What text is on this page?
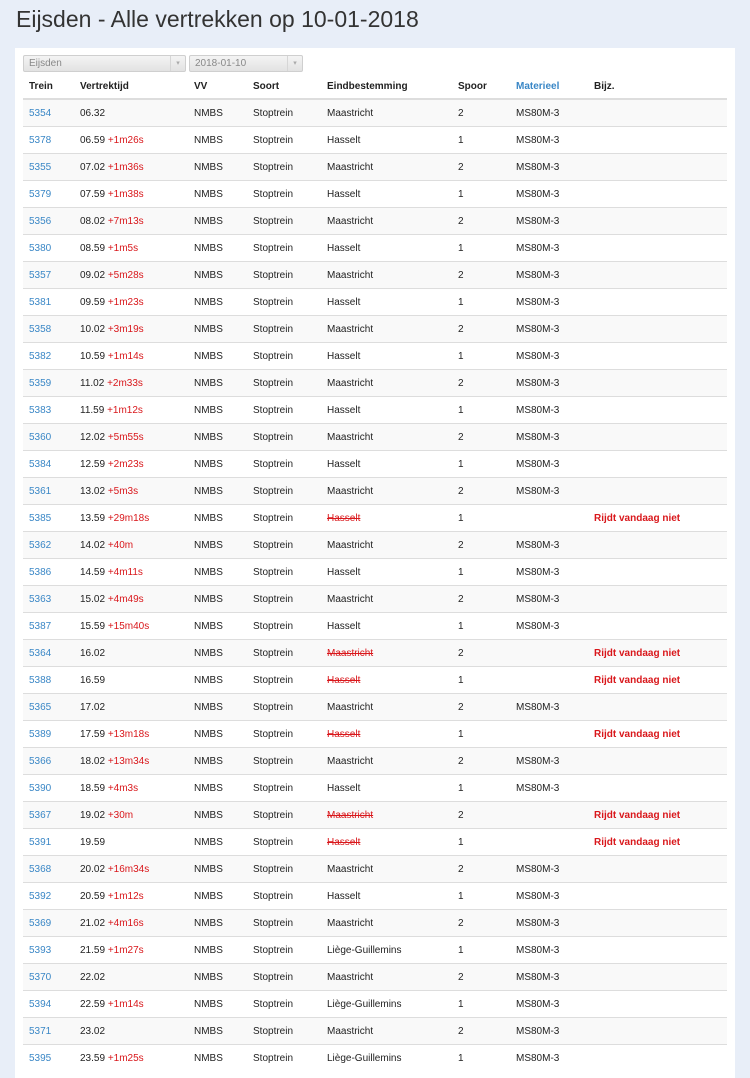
Eijsden - Alle vertrekken op 10-01-2018
Eijsden	▾	2018-01-10	▾
Trein	Vertrektijd	VV	Soort	Eindbestemming	Spoor	Materieel	Bijz.
5354	06.32	NMBS	Stoptrein	Maastricht	2	MS80M-3	
5378	06.59 +1m26s	NMBS	Stoptrein	Hasselt	1	MS80M-3	
5355	07.02 +1m36s	NMBS	Stoptrein	Maastricht	2	MS80M-3	
5379	07.59 +1m38s	NMBS	Stoptrein	Hasselt	1	MS80M-3	
5356	08.02 +7m13s	NMBS	Stoptrein	Maastricht	2	MS80M-3	
5380	08.59 +1m5s	NMBS	Stoptrein	Hasselt	1	MS80M-3	
5357	09.02 +5m28s	NMBS	Stoptrein	Maastricht	2	MS80M-3	
5381	09.59 +1m23s	NMBS	Stoptrein	Hasselt	1	MS80M-3	
5358	10.02 +3m19s	NMBS	Stoptrein	Maastricht	2	MS80M-3	
5382	10.59 +1m14s	NMBS	Stoptrein	Hasselt	1	MS80M-3	
5359	11.02 +2m33s	NMBS	Stoptrein	Maastricht	2	MS80M-3	
5383	11.59 +1m12s	NMBS	Stoptrein	Hasselt	1	MS80M-3	
5360	12.02 +5m55s	NMBS	Stoptrein	Maastricht	2	MS80M-3	
5384	12.59 +2m23s	NMBS	Stoptrein	Hasselt	1	MS80M-3	
5361	13.02 +5m3s	NMBS	Stoptrein	Maastricht	2	MS80M-3	
5385	13.59 +29m18s	NMBS	Stoptrein	Hasselt	1		Rijdt vandaag niet
5362	14.02 +40m	NMBS	Stoptrein	Maastricht	2	MS80M-3	
5386	14.59 +4m11s	NMBS	Stoptrein	Hasselt	1	MS80M-3	
5363	15.02 +4m49s	NMBS	Stoptrein	Maastricht	2	MS80M-3	
5387	15.59 +15m40s	NMBS	Stoptrein	Hasselt	1	MS80M-3	
5364	16.02	NMBS	Stoptrein	Maastricht	2		Rijdt vandaag niet
5388	16.59	NMBS	Stoptrein	Hasselt	1		Rijdt vandaag niet
5365	17.02	NMBS	Stoptrein	Maastricht	2	MS80M-3	
5389	17.59 +13m18s	NMBS	Stoptrein	Hasselt	1		Rijdt vandaag niet
5366	18.02 +13m34s	NMBS	Stoptrein	Maastricht	2	MS80M-3	
5390	18.59 +4m3s	NMBS	Stoptrein	Hasselt	1	MS80M-3	
5367	19.02 +30m	NMBS	Stoptrein	Maastricht	2		Rijdt vandaag niet
5391	19.59	NMBS	Stoptrein	Hasselt	1		Rijdt vandaag niet
5368	20.02 +16m34s	NMBS	Stoptrein	Maastricht	2	MS80M-3	
5392	20.59 +1m12s	NMBS	Stoptrein	Hasselt	1	MS80M-3	
5369	21.02 +4m16s	NMBS	Stoptrein	Maastricht	2	MS80M-3	
5393	21.59 +1m27s	NMBS	Stoptrein	Liège-Guillemins	1	MS80M-3	
5370	22.02	NMBS	Stoptrein	Maastricht	2	MS80M-3	
5394	22.59 +1m14s	NMBS	Stoptrein	Liège-Guillemins	1	MS80M-3	
5371	23.02	NMBS	Stoptrein	Maastricht	2	MS80M-3	
5395	23.59 +1m25s	NMBS	Stoptrein	Liège-Guillemins	1	MS80M-3	
